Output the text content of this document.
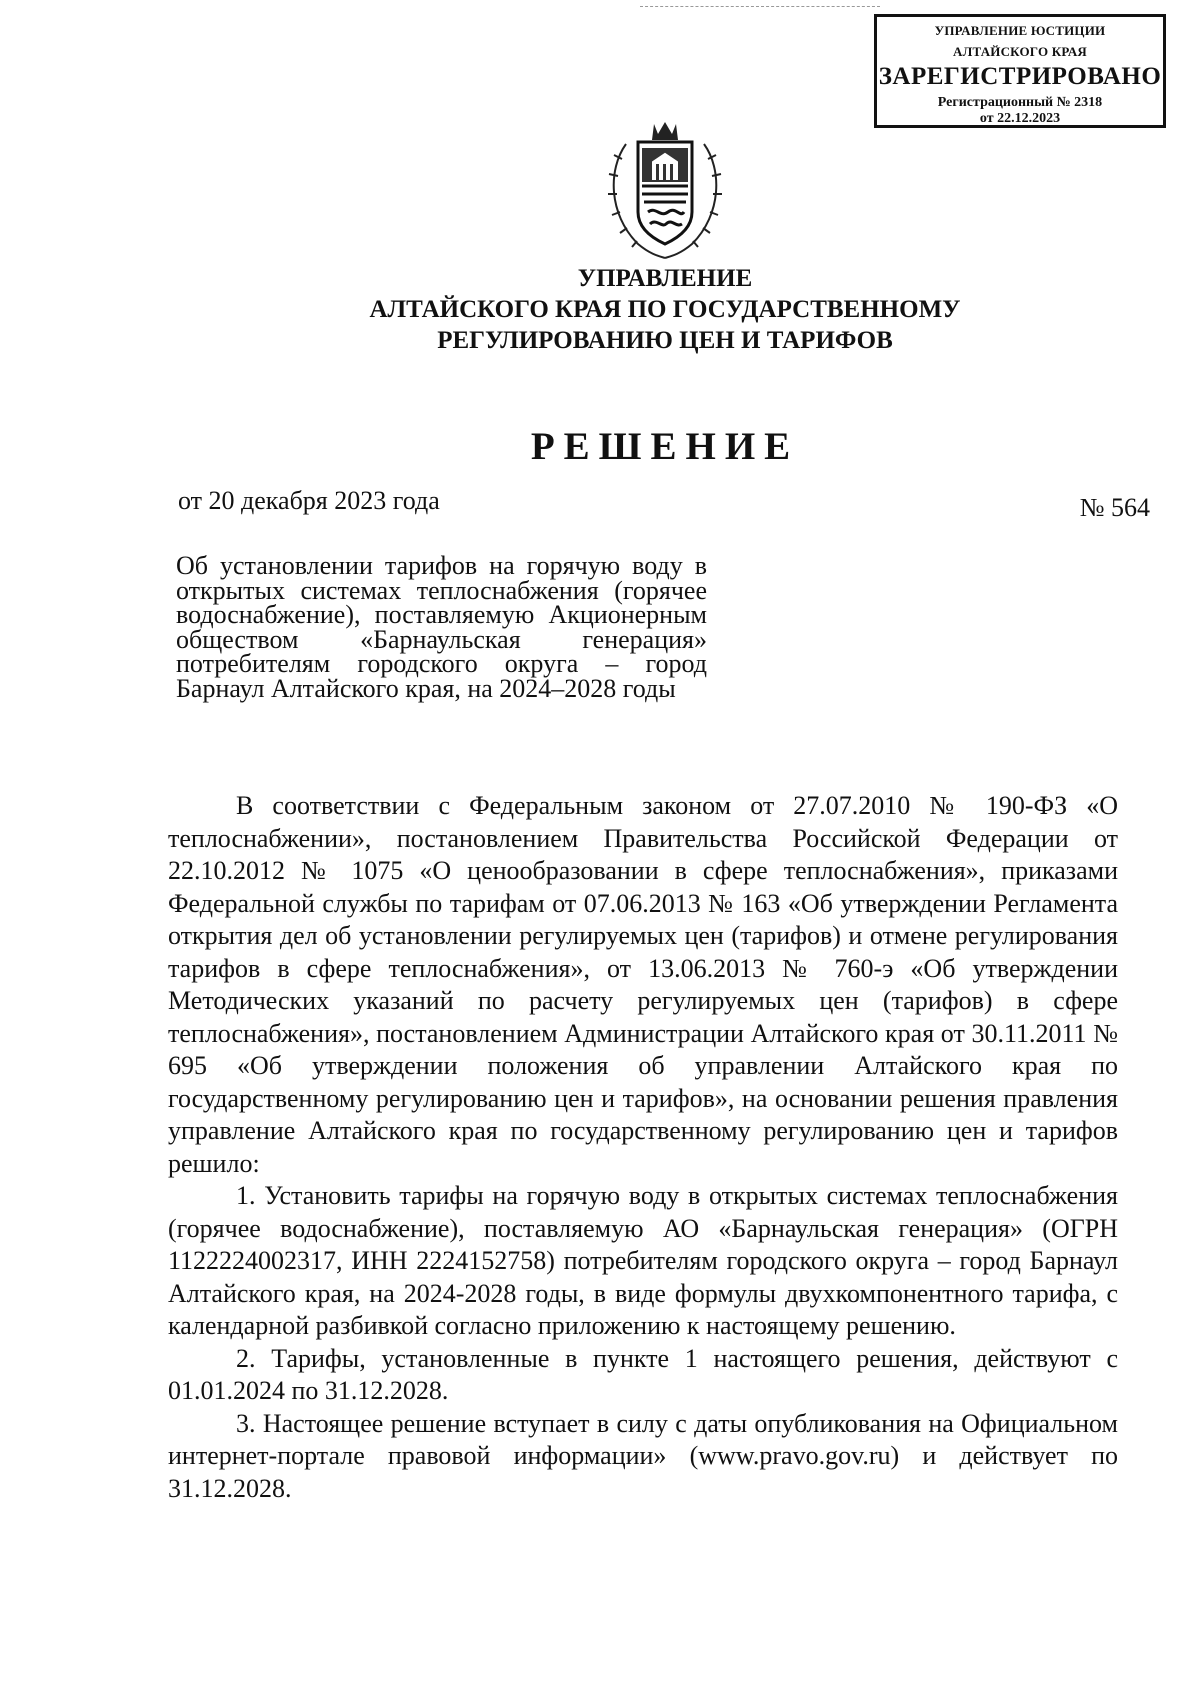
УПРАВЛЕНИЕ ЮСТИЦИИ
АЛТАЙСКОГО КРАЯ
ЗАРЕГИСТРИРОВАНО
Регистрационный № 2318
от 22.12.2023
УПРАВЛЕНИЕ
АЛТАЙСКОГО КРАЯ ПО ГОСУДАРСТВЕННОМУ
РЕГУЛИРОВАНИЮ ЦЕН И ТАРИФОВ
РЕШЕНИЕ
от 20 декабря 2023 года	№ 564
Об установлении тарифов на горячую воду в открытых системах теплоснабжения (горячее водоснабжение), поставляемую Акционерным обществом «Барнаульская генерация» потребителям городского округа – город Барнаул Алтайского края, на 2024–2028 годы

В соответствии с Федеральным законом от 27.07.2010 № 190-ФЗ «О теплоснабжении», постановлением Правительства Российской Федерации от 22.10.2012 № 1075 «О ценообразовании в сфере теплоснабжения», приказами Федеральной службы по тарифам от 07.06.2013 № 163 «Об утверждении Регламента открытия дел об установлении регулируемых цен (тарифов) и отмене регулирования тарифов в сфере теплоснабжения», от 13.06.2013 № 760-э «Об утверждении Методических указаний по расчету регулируемых цен (тарифов) в сфере теплоснабжения», постановлением Администрации Алтайского края от 30.11.2011 № 695 «Об утверждении положения об управлении Алтайского края по государственному регулированию цен и тарифов», на основании решения правления управление Алтайского края по государственному регулированию цен и тарифов решило:

1. Установить тарифы на горячую воду в открытых системах теплоснабжения (горячее водоснабжение), поставляемую АО «Барнаульская генерация» (ОГРН 1122224002317, ИНН 2224152758) потребителям городского округа – город Барнаул Алтайского края, на 2024-2028 годы, в виде формулы двухкомпонентного тарифа, с календарной разбивкой согласно приложению к настоящему решению.

2. Тарифы, установленные в пункте 1 настоящего решения, действуют с 01.01.2024 по 31.12.2028.

3. Настоящее решение вступает в силу с даты опубликования на Официальном интернет-портале правовой информации» (www.pravo.gov.ru) и действует по 31.12.2028.
